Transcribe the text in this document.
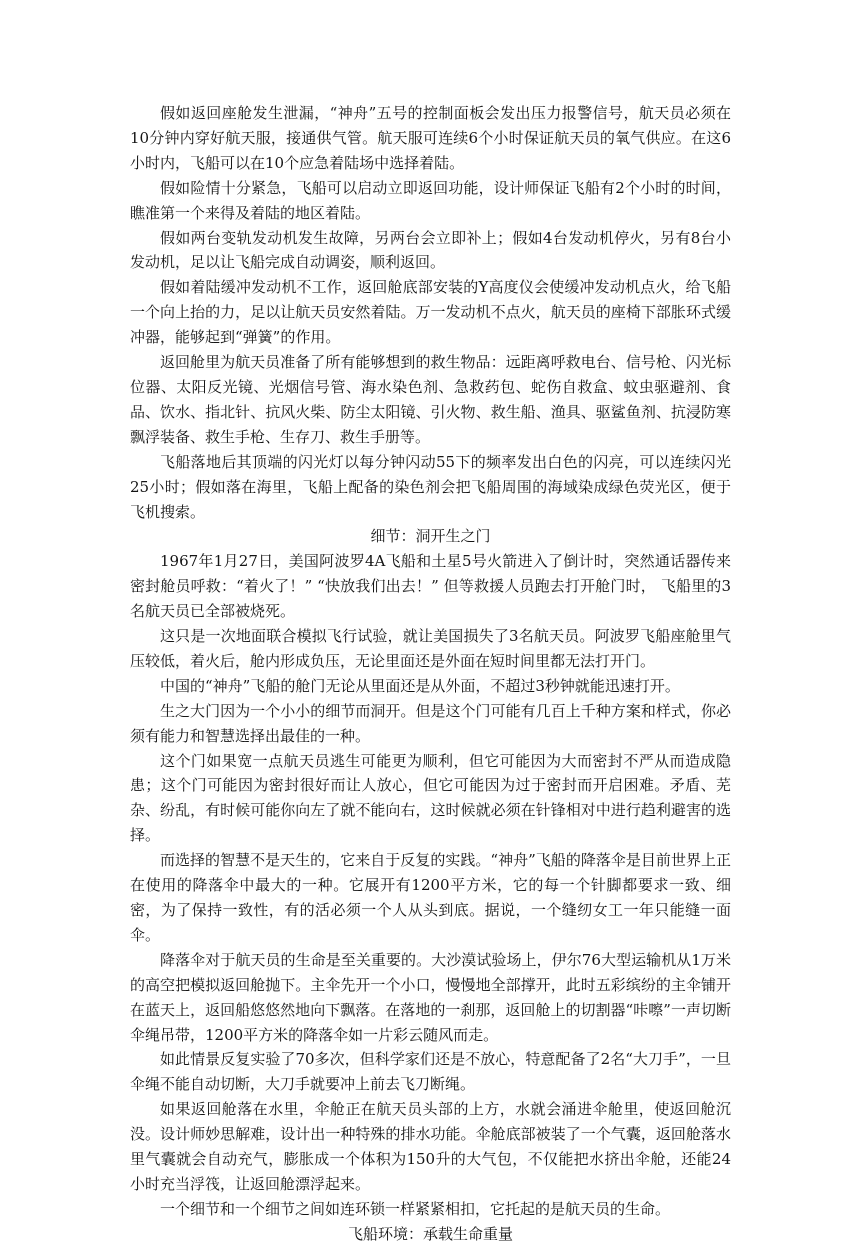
假如返回座舱发生泄漏，“神舟”五号的控制面板会发出压力报警信号，航天员必须在10分钟内穿好航天服，接通供气管。航天服可连续6个小时保证航天员的氧气供应。在这6小时内，飞船可以在10个应急着陆场中选择着陆。

假如险情十分紧急，飞船可以启动立即返回功能，设计师保证飞船有2个小时的时间，瞧准第一个来得及着陆的地区着陆。

假如两台变轨发动机发生故障，另两台会立即补上；假如4台发动机停火，另有8台小发动机，足以让飞船完成自动调姿，顺利返回。

假如着陆缓冲发动机不工作，返回舱底部安装的Y高度仪会使缓冲发动机点火，给飞船一个向上抬的力，足以让航天员安然着陆。万一发动机不点火，航天员的座椅下部胀环式缓冲器，能够起到“弹簧”的作用。

返回舱里为航天员准备了所有能够想到的救生物品：远距离呼救电台、信号枪、闪光标位器、太阳反光镜、光烟信号管、海水染色剂、急救药包、蛇伤自救盒、蚊虫驱避剂、食品、饮水、指北针、抗风火柴、防尘太阳镜、引火物、救生船、渔具、驱鲨鱼剂、抗浸防寒飘浮装备、救生手枪、生存刀、救生手册等。

飞船落地后其顶端的闪光灯以每分钟闪动55下的频率发出白色的闪亮，可以连续闪光25小时；假如落在海里，飞船上配备的染色剂会把飞船周围的海域染成绿色荧光区，便于飞机搜索。

细节：洞开生之门

1967年1月27日，美国阿波罗4A飞船和土星5号火箭进入了倒计时，突然通话器传来密封舱员呼救：“着火了！” “快放我们出去！” 但等救援人员跑去打开舱门时， 飞船里的3名航天员已全部被烧死。

这只是一次地面联合模拟飞行试验，就让美国损失了3名航天员。阿波罗飞船座舱里气压较低，着火后，舱内形成负压，无论里面还是外面在短时间里都无法打开门。

中国的“神舟”飞船的舱门无论从里面还是从外面，不超过3秒钟就能迅速打开。

生之大门因为一个小小的细节而洞开。但是这个门可能有几百上千种方案和样式，你必须有能力和智慧选择出最佳的一种。

这个门如果宽一点航天员逃生可能更为顺利，但它可能因为大而密封不严从而造成隐患；这个门可能因为密封很好而让人放心，但它可能因为过于密封而开启困难。矛盾、芜杂、纷乱，有时候可能你向左了就不能向右，这时候就必须在针锋相对中进行趋利避害的选择。

而选择的智慧不是天生的，它来自于反复的实践。“神舟”飞船的降落伞是目前世界上正在使用的降落伞中最大的一种。它展开有1200平方米，它的每一个针脚都要求一致、细密，为了保持一致性，有的活必须一个人从头到底。据说，一个缝纫女工一年只能缝一面伞。

降落伞对于航天员的生命是至关重要的。大沙漠试验场上，伊尔76大型运输机从1万米的高空把模拟返回舱抛下。主伞先开一个小口，慢慢地全部撑开，此时五彩缤纷的主伞铺开在蓝天上，返回船悠悠然地向下飘落。在落地的一刹那，返回舱上的切割器“咔嚓”一声切断伞绳吊带，1200平方米的降落伞如一片彩云随风而走。

如此情景反复实验了70多次，但科学家们还是不放心，特意配备了2名“大刀手”，一旦伞绳不能自动切断，大刀手就要冲上前去飞刀断绳。

如果返回舱落在水里，伞舱正在航天员头部的上方，水就会涌进伞舱里，使返回舱沉没。设计师妙思解难，设计出一种特殊的排水功能。伞舱底部被装了一个气囊，返回舱落水里气囊就会自动充气，膨胀成一个体积为150升的大气包，不仅能把水挤出伞舱，还能24小时充当浮筏，让返回舱漂浮起来。

一个细节和一个细节之间如连环锁一样紧紧相扣，它托起的是航天员的生命。

飞船环境：承载生命重量
